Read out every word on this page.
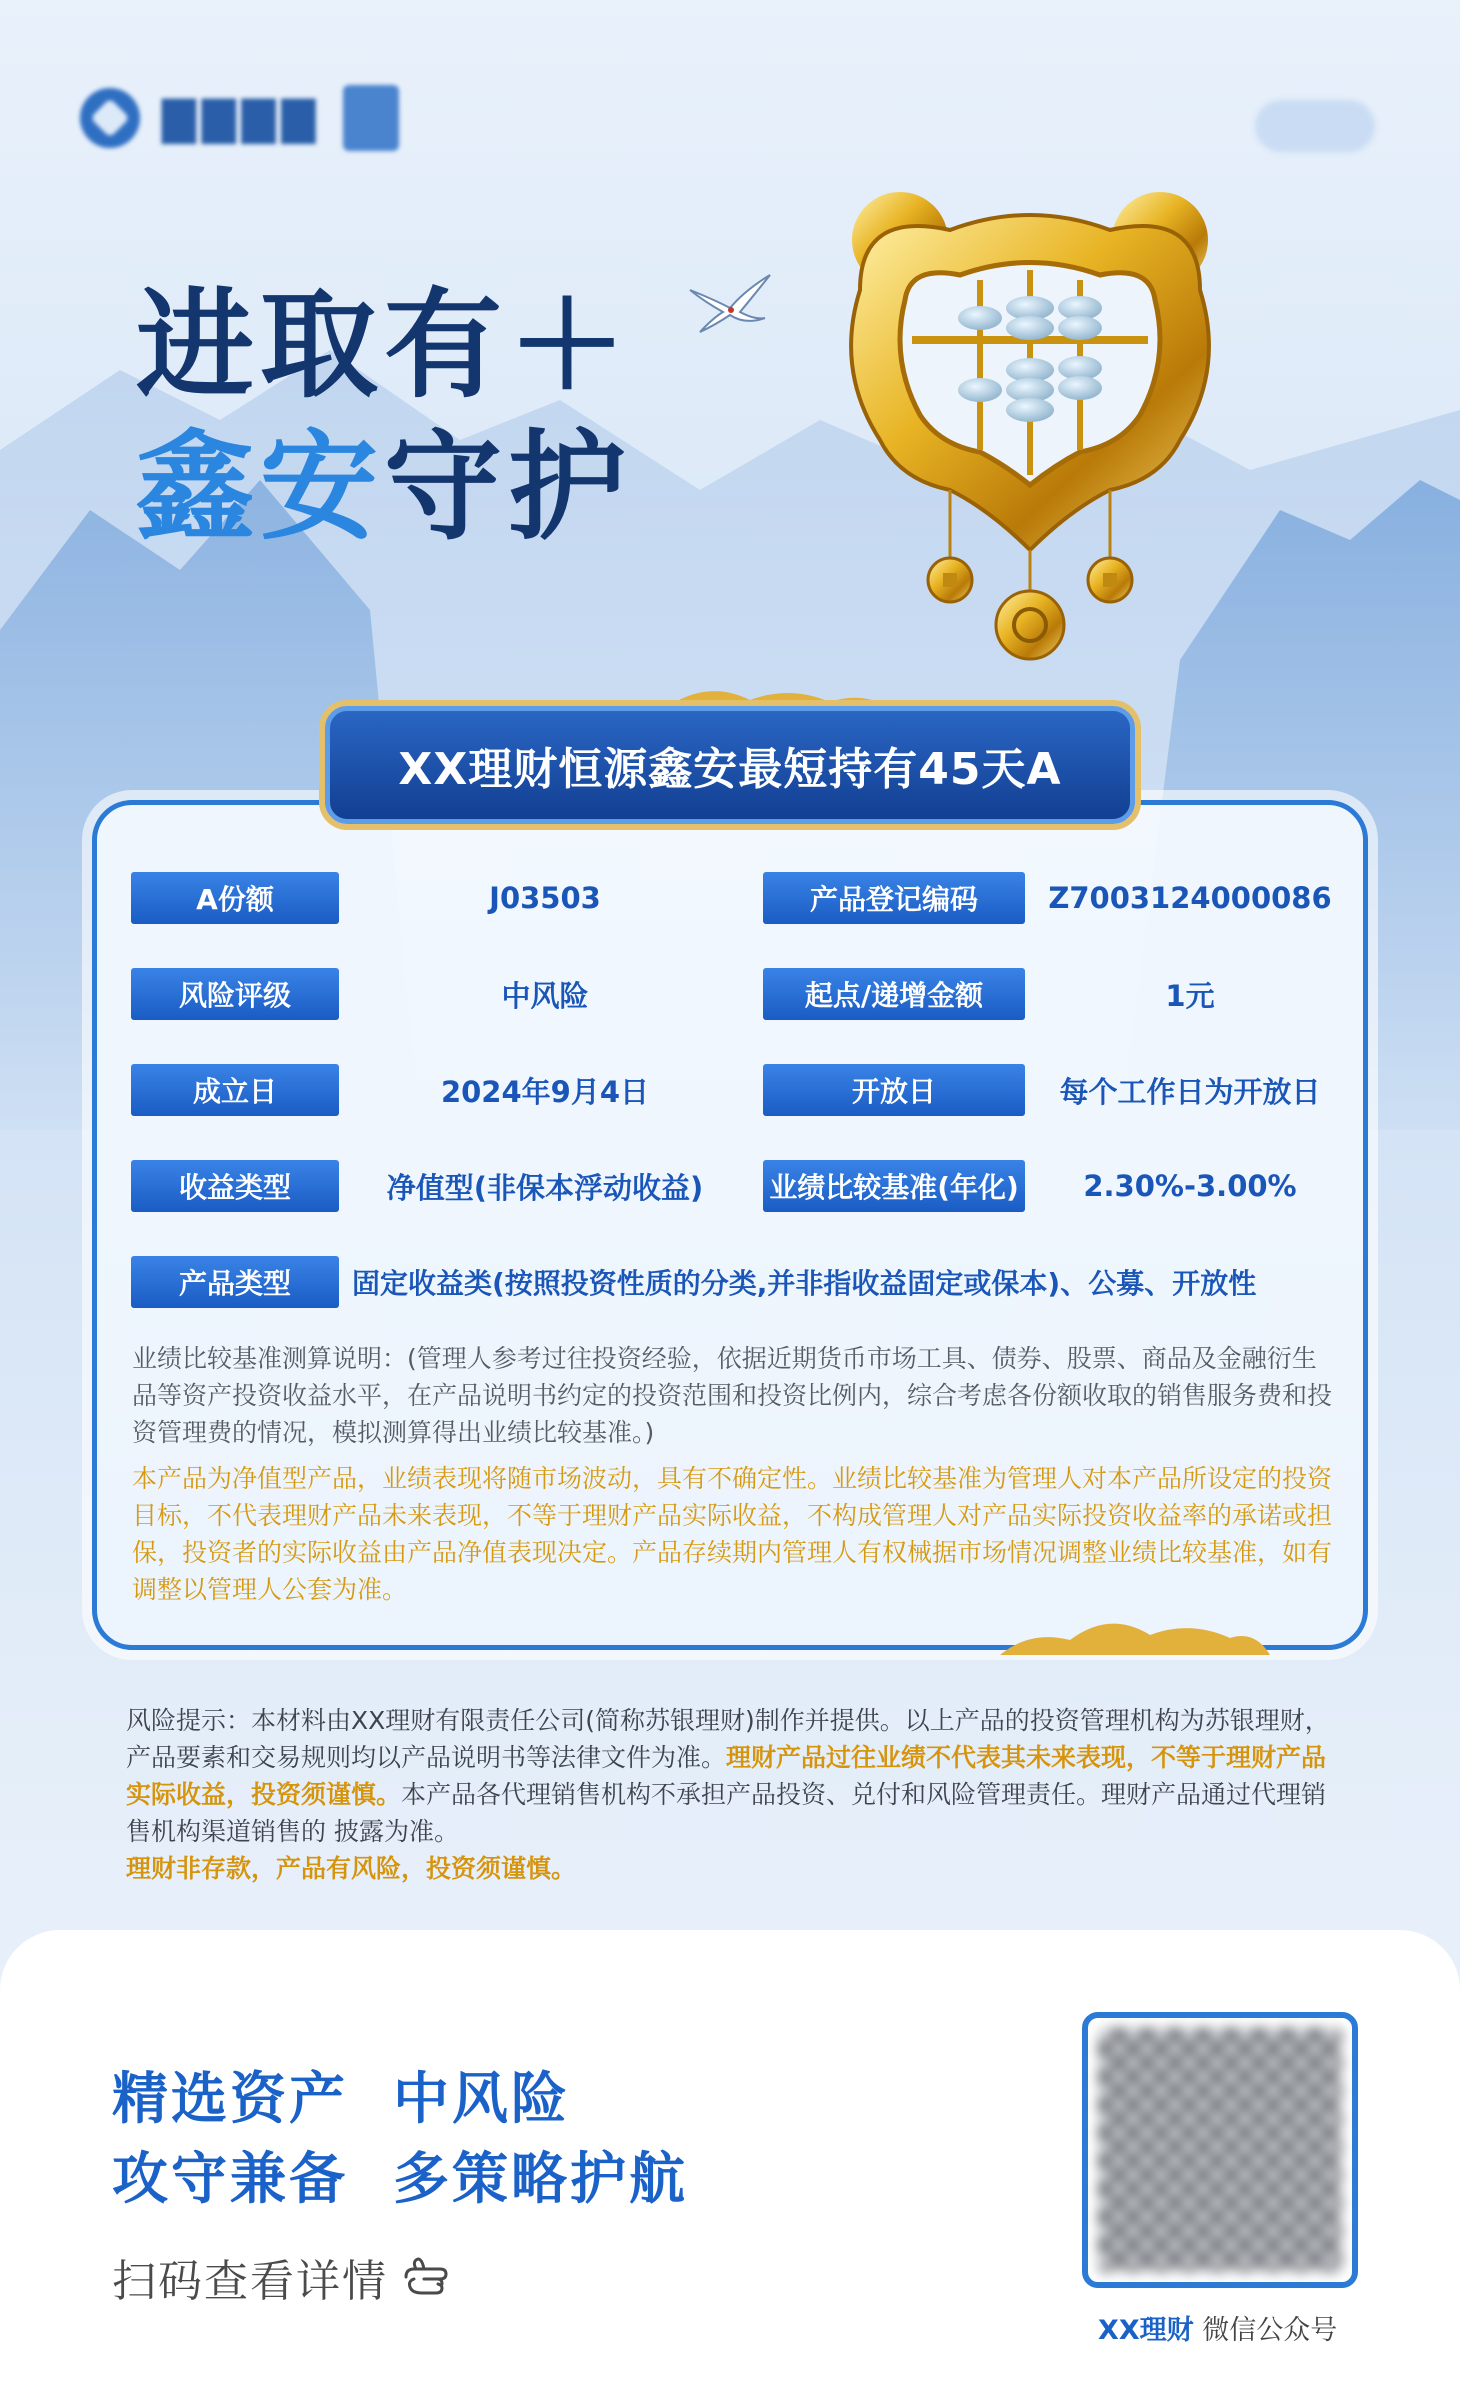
▇▇▇▇
进取有＋
鑫安守护
XX理财恒源鑫安最短持有45天A
A份额	J03503	产品登记编码	Z7003124000086
风险评级	中风险	起点/递增金额	1元
成立日	2024年9月4日	开放日	每个工作日为开放日
收益类型	净值型(非保本浮动收益)	业绩比较基准(年化)	2.30%-3.00%
产品类型	固定收益类(按照投资性质的分类,并非指收益固定或保本)、公募、开放性
业绩比较基准测算说明：(管理人参考过往投资经验，依据近期货币市场工具、债券、股票、商品及金融衍生品等资产投资收益水平，在产品说明书约定的投资范围和投资比例内，综合考虑各份额收取的销售服务费和投资管理费的情况，模拟测算得出业绩比较基准。)
本产品为净值型产品，业绩表现将随市场波动，具有不确定性。业绩比较基准为管理人对本产品所设定的投资目标，不代表理财产品未来表现，不等于理财产品实际收益，不构成管理人对产品实际投资收益率的承诺或担保，投资者的实际收益由产品净值表现决定。产品存续期内管理人有权械据市场情况调整业绩比较基准，如有调整以管理人公套为准。
风险提示：本材料由XX理财有限责任公司(简称苏银理财)制作并提供。以上产品的投资管理机构为苏银理财，产品要素和交易规则均以产品说明书等法律文件为准。理财产品过往业绩不代表其未来表现，不等于理财产品实际收益，投资须谨慎。本产品各代理销售机构不承担产品投资、兑付和风险管理责任。理财产品通过代理销售机构渠道销售的 披露为准。
理财非存款，产品有风险，投资须谨慎。
精选资产  中风险
攻守兼备  多策略护航
扫码查看详情
XX理财 微信公众号
